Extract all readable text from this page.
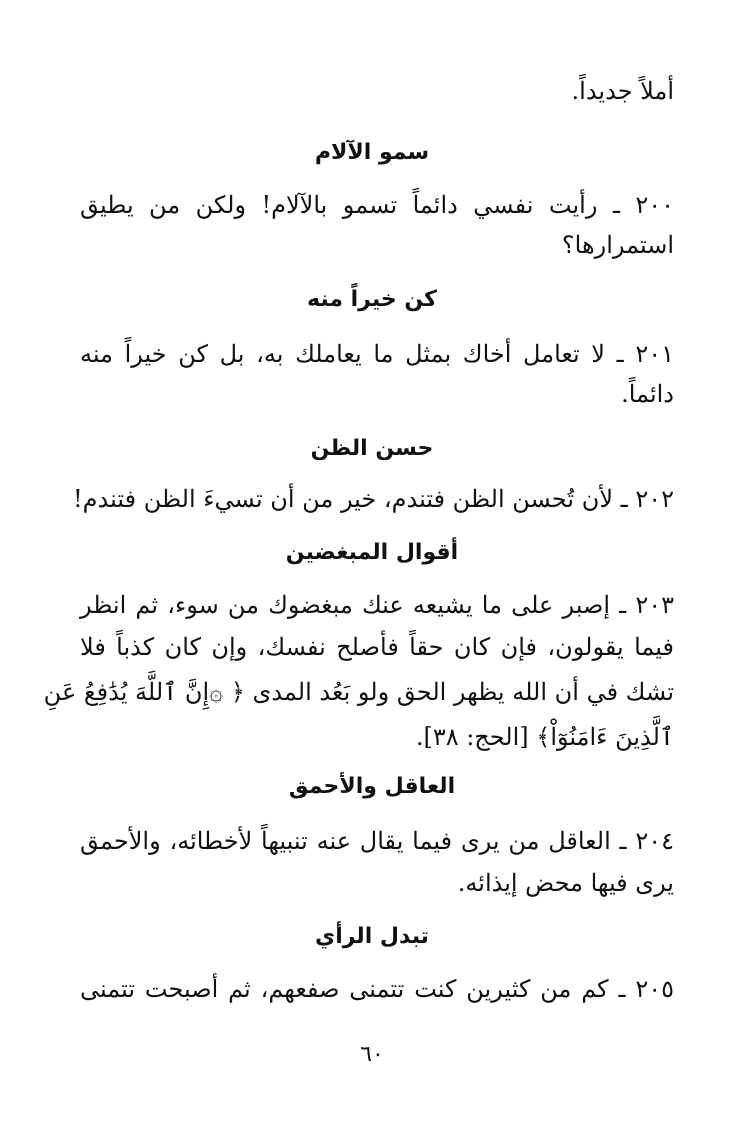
أملاً جديداً.
سمو الآلام
٢٠٠ ـ رأيت نفسي دائماً تسمو بالآلام! ولكن من يطيق
استمرارها؟
كن خيراً منه
٢٠١ ـ لا تعامل أخاك بمثل ما يعاملك به، بل كن خيراً منه
دائماً.
حسن الظن
٢٠٢ ـ لأن تُحسن الظن فتندم، خير من أن تسيءَ الظن فتندم!
أقوال المبغضين
٢٠٣ ـ إصبر على ما يشيعه عنك مبغضوك من سوء، ثم انظر
فيما يقولون، فإن كان حقاً فأصلح نفسك، وإن كان كذباً فلا
تشك في أن الله يظهر الحق ولو بَعُد المدى ﴿ ۞إِنَّ ٱللَّهَ يُدَٰفِعُ عَنِ
ٱلَّذِينَ ءَامَنُوٓاْ﴾ [الحج: ٣٨].
العاقل والأحمق
٢٠٤ ـ العاقل من يرى فيما يقال عنه تنبيهاً لأخطائه، والأحمق
يرى فيها محض إيذائه.
تبدل الرأي
٢٠٥ ـ كم من كثيرين كنت تتمنى صفعهم، ثم أصبحت تتمنى
٦٠
